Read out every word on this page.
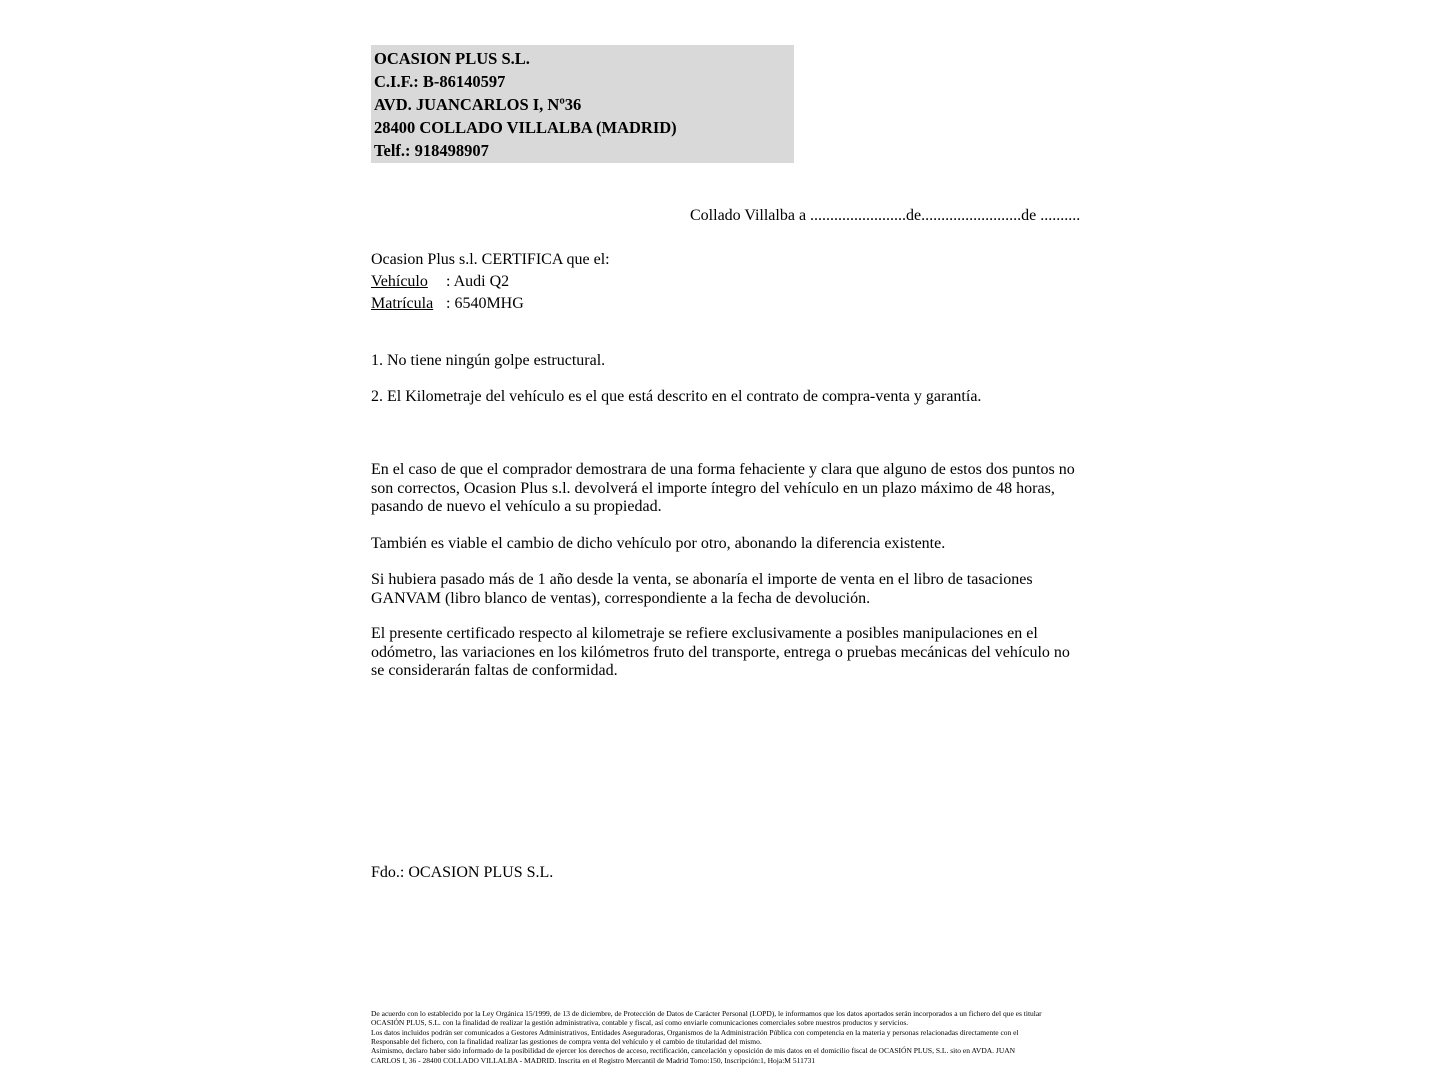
OCASION PLUS S.L.
C.I.F.: B-86140597
AVD. JUANCARLOS I, Nº36
28400 COLLADO VILLALBA (MADRID)
Telf.: 918498907
Collado Villalba a ........................de.........................de ..........
Ocasion Plus s.l. CERTIFICA que el:
Vehículo : Audi Q2
Matrícula : 6540MHG
1. No tiene ningún golpe estructural.
2. El Kilometraje del vehículo es el que está descrito en el contrato de compra-venta y garantía.
En el caso de que el comprador demostrara de una forma fehaciente y clara que alguno de estos dos puntos no son correctos, Ocasion Plus s.l. devolverá el importe íntegro del vehículo en un plazo máximo de 48 horas, pasando de nuevo el vehículo a su propiedad.
También es viable el cambio de dicho vehículo por otro, abonando la diferencia existente.
Si hubiera pasado más de 1 año desde la venta, se abonaría el importe de venta en el libro de tasaciones GANVAM (libro blanco de ventas), correspondiente a la fecha de devolución.
El presente certificado respecto al kilometraje se refiere exclusivamente a posibles manipulaciones en el odómetro, las variaciones en los kilómetros fruto del transporte, entrega o pruebas mecánicas del vehículo no se considerarán faltas de conformidad.
Fdo.: OCASION PLUS S.L.
De acuerdo con lo establecido por la Ley Orgánica 15/1999, de 13 de diciembre, de Protección de Datos de Carácter Personal (LOPD), le informamos que los datos aportados serán incorporados a un fichero del que es titular
OCASIÓN PLUS, S.L. con la finalidad de realizar la gestión administrativa, contable y fiscal, así como enviarle comunicaciones comerciales sobre nuestros productos y servicios.
Los datos incluidos podrán ser comunicados a Gestores Administrativos, Entidades Aseguradoras, Organismos de la Administración Pública con competencia en la materia y personas relacionadas directamente con el
Responsable del fichero, con la finalidad realizar las gestiones de compra venta del vehículo y el cambio de titularidad del mismo.
Asimismo, declaro haber sido informado de la posibilidad de ejercer los derechos de acceso, rectificación, cancelación y oposición de mis datos en el domicilio fiscal de OCASIÓN PLUS, S.L. sito en AVDA. JUAN
CARLOS I, 36 - 28400 COLLADO VILLALBA - MADRID. Inscrita en el Registro Mercantil de Madrid Tomo:150, Inscripción:1, Hoja:M 511731
